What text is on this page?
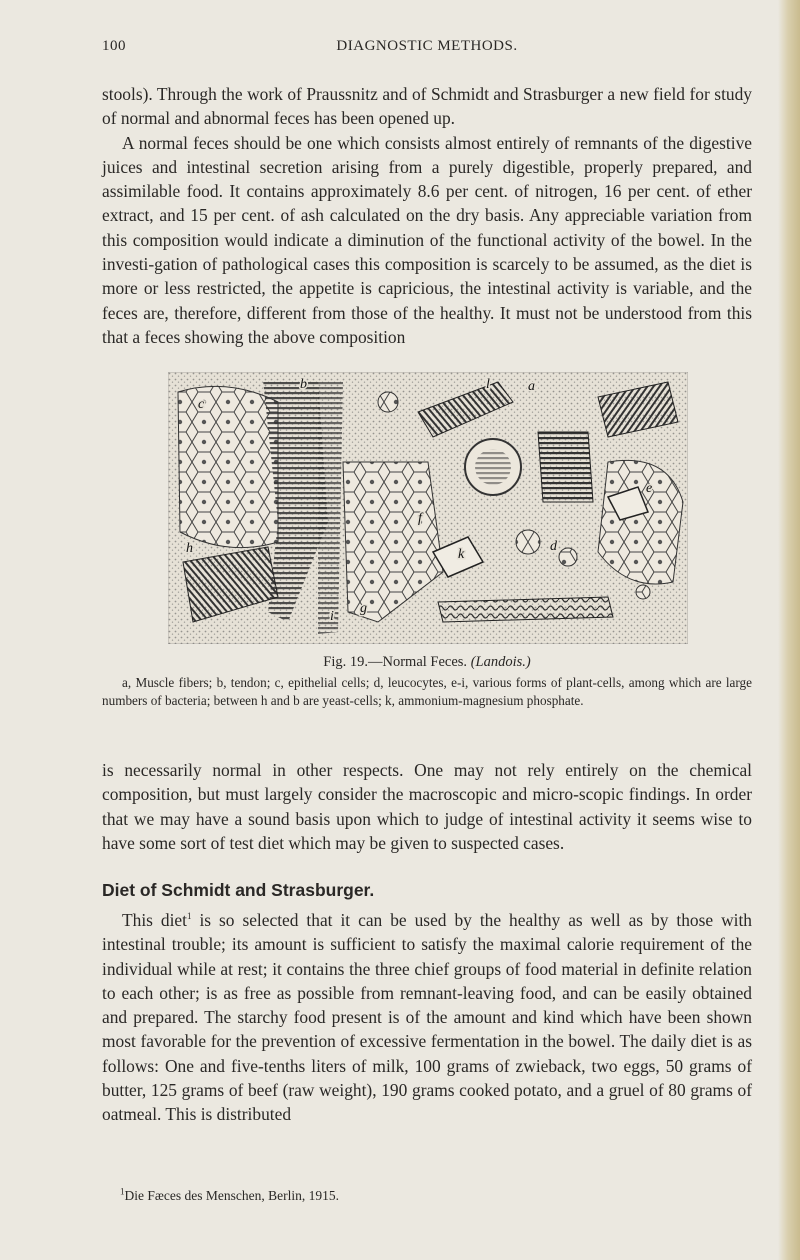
100	DIAGNOSTIC METHODS.

stools). Through the work of Praussnitz and of Schmidt and Strasburger a new field for study of normal and abnormal feces has been opened up.

A normal feces should be one which consists almost entirely of remnants of the digestive juices and intestinal secretion arising from a purely digestible, properly prepared, and assimilable food. It contains approximately 8.6 per cent. of nitrogen, 16 per cent. of ether extract, and 15 per cent. of ash calculated on the dry basis. Any appreciable variation from this composition would indicate a diminution of the functional activity of the bowel. In the investi-gation of pathological cases this composition is scarcely to be assumed, as the diet is more or less restricted, the appetite is capricious, the intestinal activity is variable, and the feces are, therefore, different from those of the healthy. It must not be understood from this that a feces showing the above composition

a
b
c
d
e
f
g
h
i
k
l
Fig. 19.—Normal Feces. (Landois.)

a, Muscle fibers; b, tendon; c, epithelial cells; d, leucocytes, e-i, various forms of plant-cells, among which are large numbers of bacteria; between h and b are yeast-cells; k, ammonium-magnesium phosphate.

is necessarily normal in other respects. One may not rely entirely on the chemical composition, but must largely consider the macroscopic and micro-scopic findings. In order that we may have a sound basis upon which to judge of intestinal activity it seems wise to have some sort of test diet which may be given to suspected cases.

Diet of Schmidt and Strasburger.

This diet$^1$ is so selected that it can be used by the healthy as well as by those with intestinal trouble; its amount is sufficient to satisfy the maximal calorie requirement of the individual while at rest; it contains the three chief groups of food material in definite relation to each other; is as free as possible from remnant-leaving food, and can be easily obtained and prepared. The starchy food present is of the amount and kind which have been shown most favorable for the prevention of excessive fermentation in the bowel. The daily diet is as follows: One and five-tenths liters of milk, 100 grams of zwieback, two eggs, 50 grams of butter, 125 grams of beef (raw weight), 190 grams cooked potato, and a gruel of 80 grams of oatmeal. This is distributed

$^1$Die Fæces des Menschen, Berlin, 1915.
